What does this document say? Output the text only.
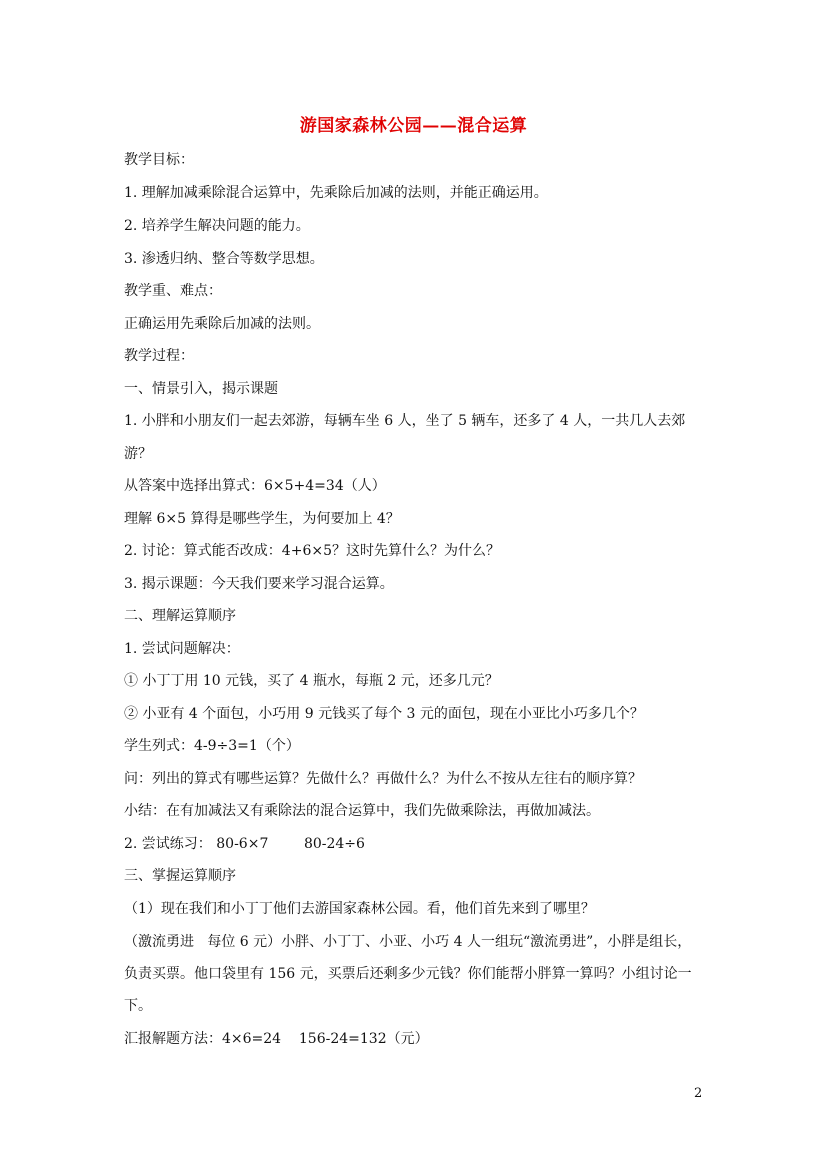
游国家森林公园——混合运算
教学目标：
1. 理解加减乘除混合运算中，先乘除后加减的法则，并能正确运用。
2. 培养学生解决问题的能力。
3. 渗透归纳、整合等数学思想。
教学重、难点：
正确运用先乘除后加减的法则。
教学过程：
一、情景引入，揭示课题
1. 小胖和小朋友们一起去郊游，每辆车坐 6 人，坐了 5 辆车，还多了 4 人，一共几人去郊
游？
从答案中选择出算式：6×5+4=34（人）
理解 6×5 算得是哪些学生，为何要加上 4？
2. 讨论：算式能否改成：4+6×5？这时先算什么？为什么？
3. 揭示课题：今天我们要来学习混合运算。
二、理解运算顺序
1. 尝试问题解决：
① 小丁丁用 10 元钱，买了 4 瓶水，每瓶 2 元，还多几元？
② 小亚有 4 个面包，小巧用 9 元钱买了每个 3 元的面包，现在小亚比小巧多几个？
学生列式：4-9÷3=1（个）
问：列出的算式有哪些运算？先做什么？再做什么？为什么不按从左往右的顺序算？
小结：在有加减法又有乘除法的混合运算中，我们先做乘除法，再做加减法。
2. 尝试练习： 80-6×7        80-24÷6
三、掌握运算顺序
（1）现在我们和小丁丁他们去游国家森林公园。看，他们首先来到了哪里？
（激流勇进   每位 6 元）小胖、小丁丁、小亚、小巧 4 人一组玩“激流勇进”，小胖是组长，
负责买票。他口袋里有 156 元，买票后还剩多少元钱？你们能帮小胖算一算吗？小组讨论一
下。
汇报解题方法：4×6=24    156-24=132（元）
2
